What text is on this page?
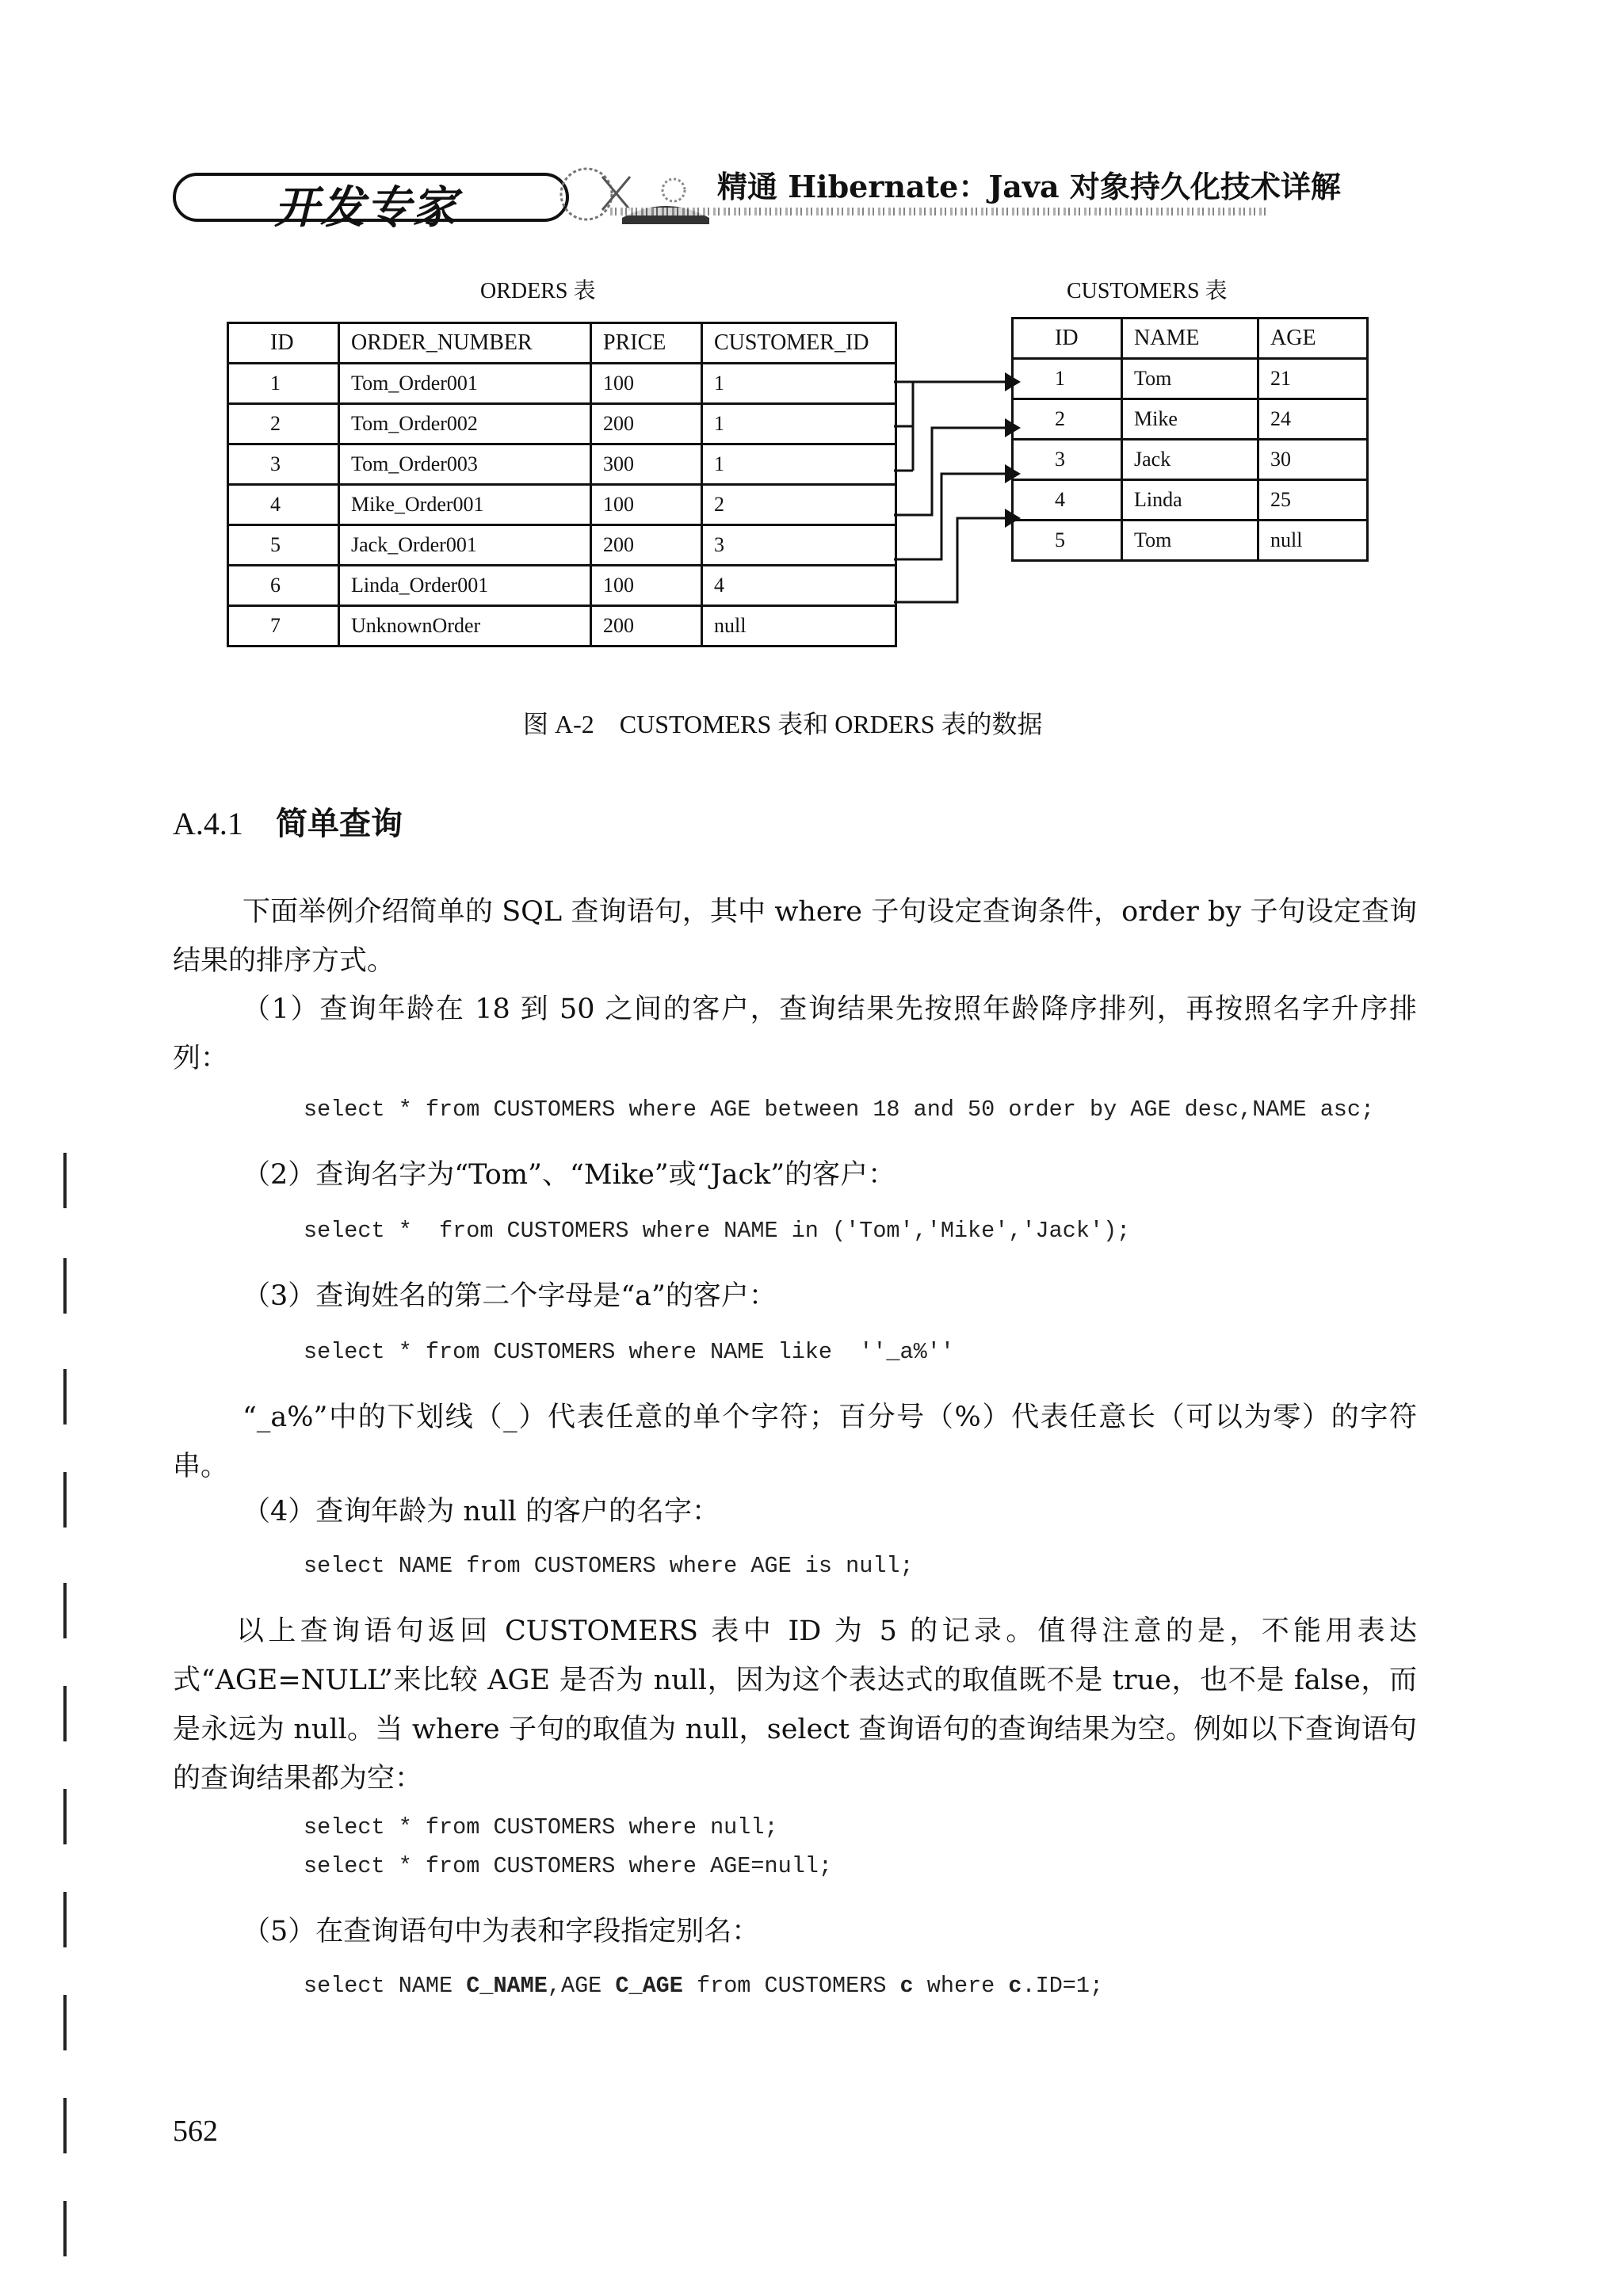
开发专家	精通 Hibernate：Java 对象持久化技术详解
ORDERS 表	CUSTOMERS 表
ID	ORDER_NUMBER	PRICE	CUSTOMER_ID
1	Tom_Order001	100	1
2	Tom_Order002	200	1
3	Tom_Order003	300	1
4	Mike_Order001	100	2
5	Jack_Order001	200	3
6	Linda_Order001	100	4
7	UnknownOrder	200	null
ID	NAME	AGE
1	Tom	21
2	Mike	24
3	Jack	30
4	Linda	25
5	Tom	null
图 A-2　CUSTOMERS 表和 ORDERS 表的数据
A.4.1 简单查询
下面举例介绍简单的 SQL 查询语句，其中 where 子句设定查询条件，order by 子句设定查询结果的排序方式。
（1）查询年龄在 18 到 50 之间的客户，查询结果先按照年龄降序排列，再按照名字升序排列：
select * from CUSTOMERS where AGE between 18 and 50 order by AGE desc,NAME asc;
（2）查询名字为“Tom”、“Mike”或“Jack”的客户：
select *  from CUSTOMERS where NAME in ('Tom','Mike','Jack');
（3）查询姓名的第二个字母是“a”的客户：
select * from CUSTOMERS where NAME like  ''_a%''
“_a%”中的下划线（_）代表任意的单个字符；百分号（%）代表任意长（可以为零）的字符串。
（4）查询年龄为 null 的客户的名字：
select NAME from CUSTOMERS where AGE is null;
以上查询语句返回 CUSTOMERS 表中 ID 为 5 的记录。值得注意的是，不能用表达式“AGE=NULL”来比较 AGE 是否为 null，因为这个表达式的取值既不是 true，也不是 false，而是永远为 null。当 where 子句的取值为 null，select 查询语句的查询结果为空。例如以下查询语句的查询结果都为空：
select * from CUSTOMERS where null;
select * from CUSTOMERS where AGE=null;
（5）在查询语句中为表和字段指定别名：
select NAME C_NAME,AGE C_AGE from CUSTOMERS c where c.ID=1;
562
